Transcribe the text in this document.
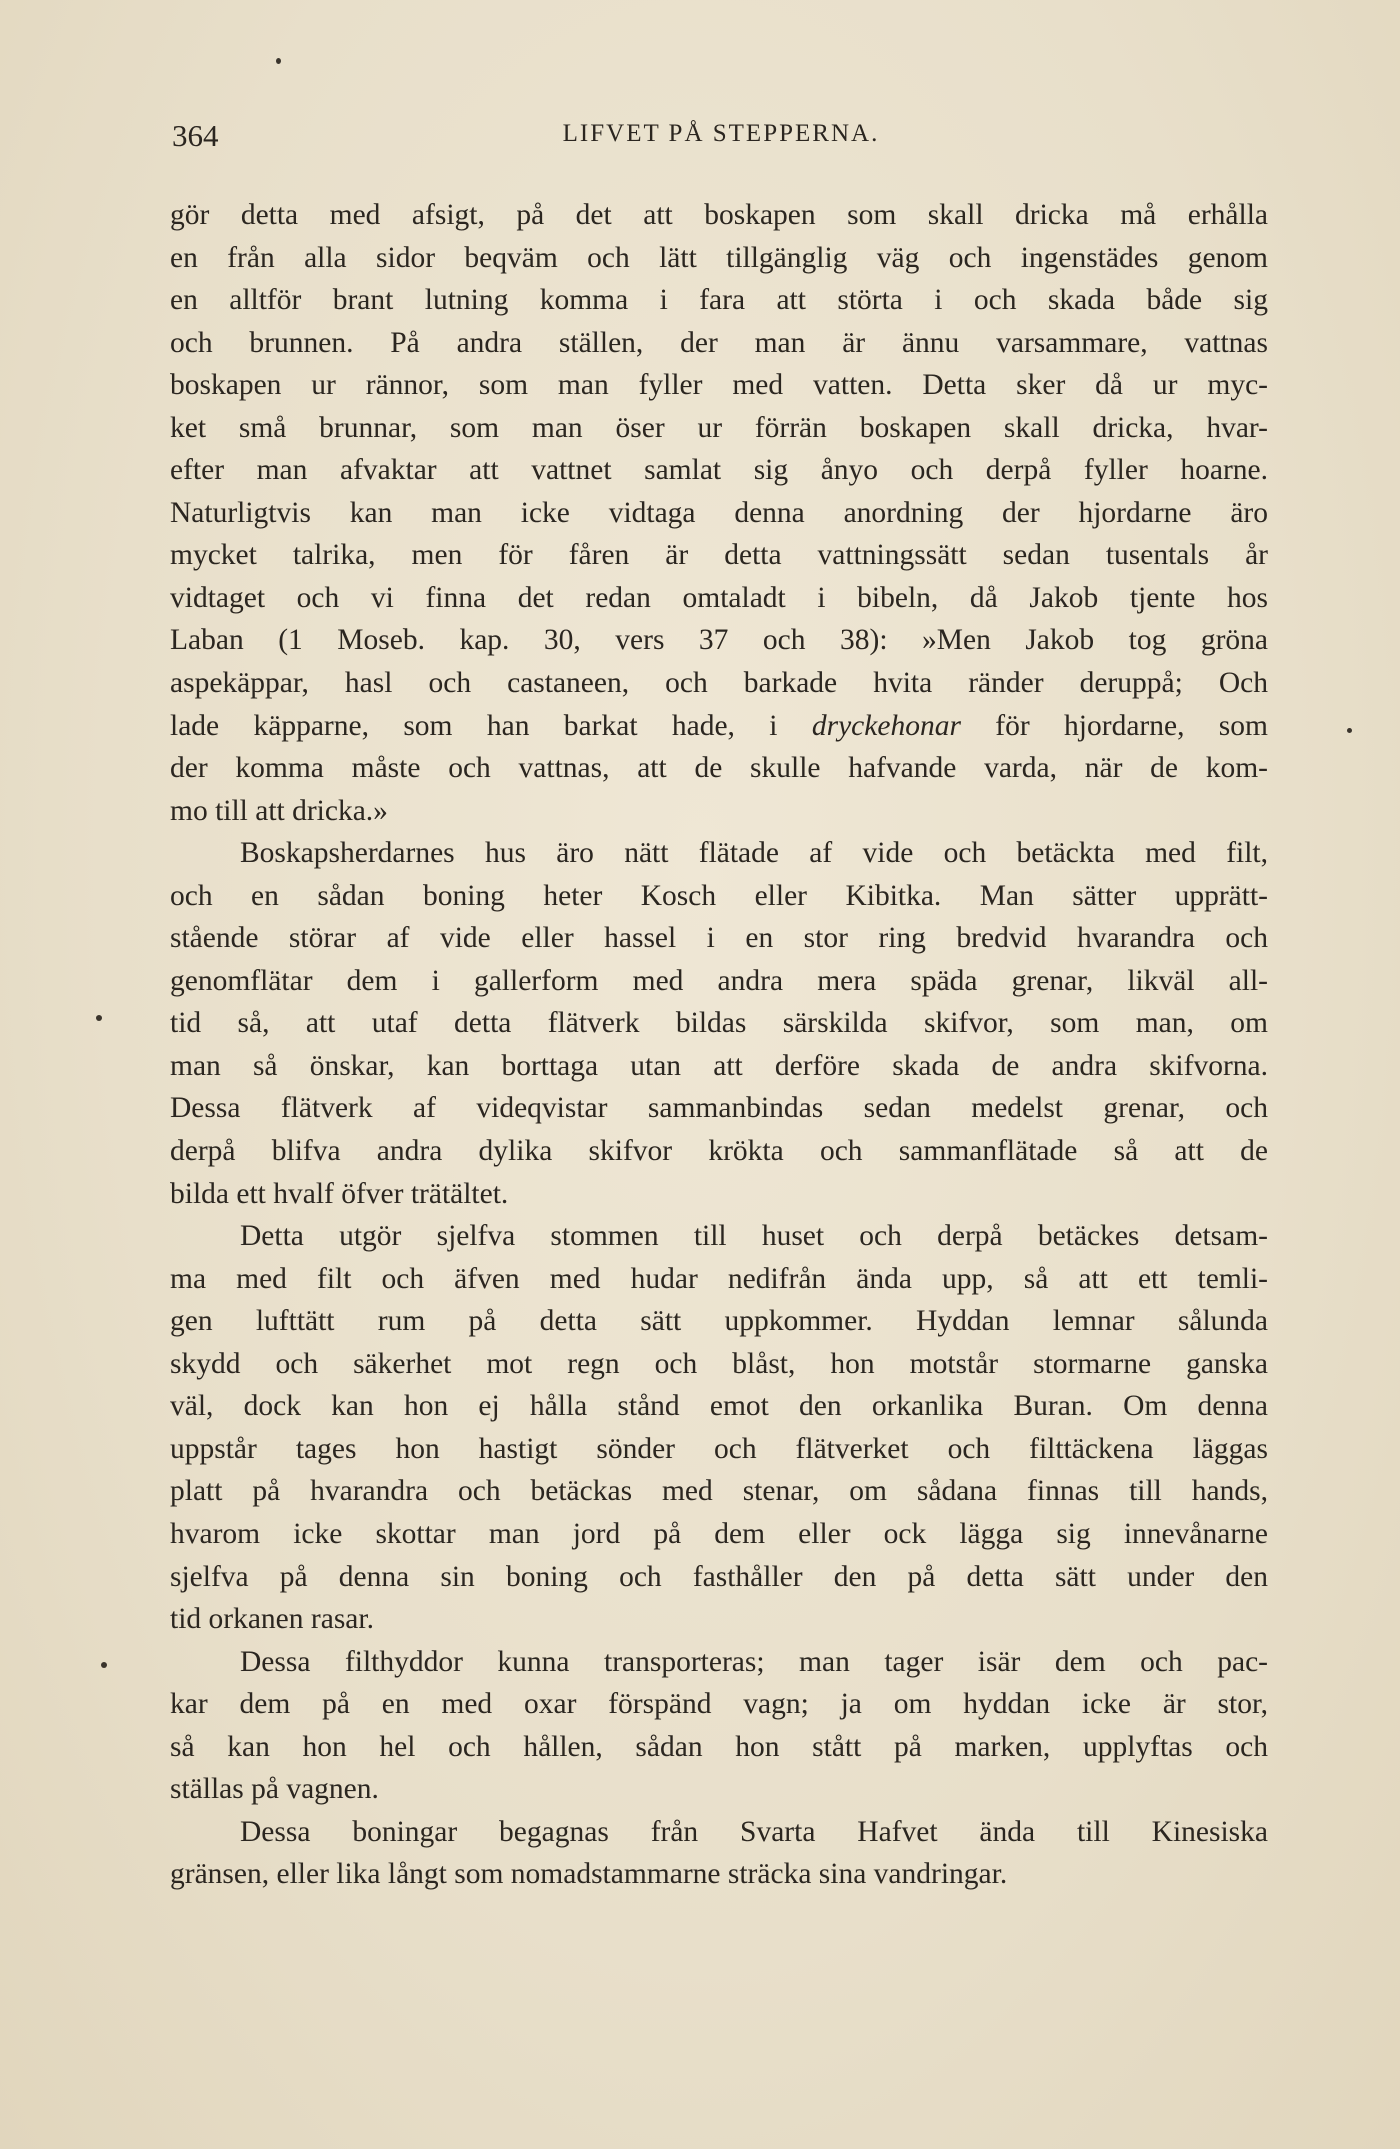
364	LIFVET PÅ STEPPERNA.
gör detta med afsigt, på det att boskapen som skall dricka må erhålla
en från alla sidor beqväm och lätt tillgänglig väg och ingenstädes genom
en alltför brant lutning komma i fara att störta i och skada både sig
och brunnen. På andra ställen, der man är ännu varsammare, vattnas
boskapen ur rännor, som man fyller med vatten. Detta sker då ur myc-
ket små brunnar, som man öser ur förrän boskapen skall dricka, hvar-
efter man afvaktar att vattnet samlat sig ånyo och derpå fyller hoarne.
Naturligtvis kan man icke vidtaga denna anordning der hjordarne äro
mycket talrika, men för fåren är detta vattningssätt sedan tusentals år
vidtaget och vi finna det redan omtaladt i bibeln, då Jakob tjente hos
Laban (1 Moseb. kap. 30, vers 37 och 38): »Men Jakob tog gröna
aspekäppar, hasl och castaneen, och barkade hvita ränder deruppå; Och
lade käpparne, som han barkat hade, i dryckehonar för hjordarne, som
der komma måste och vattnas, att de skulle hafvande varda, när de kom-
mo till att dricka.»
Boskapsherdarnes hus äro nätt flätade af vide och betäckta med filt,
och en sådan boning heter Kosch eller Kibitka. Man sätter upprätt-
stående störar af vide eller hassel i en stor ring bredvid hvarandra och
genomflätar dem i gallerform med andra mera späda grenar, likväl all-
tid så, att utaf detta flätverk bildas särskilda skifvor, som man, om
man så önskar, kan borttaga utan att derföre skada de andra skifvorna.
Dessa flätverk af videqvistar sammanbindas sedan medelst grenar, och
derpå blifva andra dylika skifvor krökta och sammanflätade så att de
bilda ett hvalf öfver trätältet.
Detta utgör sjelfva stommen till huset och derpå betäckes detsam-
ma med filt och äfven med hudar nedifrån ända upp, så att ett temli-
gen lufttätt rum på detta sätt uppkommer. Hyddan lemnar sålunda
skydd och säkerhet mot regn och blåst, hon motstår stormarne ganska
väl, dock kan hon ej hålla stånd emot den orkanlika Buran. Om denna
uppstår tages hon hastigt sönder och flätverket och filttäckena läggas
platt på hvarandra och betäckas med stenar, om sådana finnas till hands,
hvarom icke skottar man jord på dem eller ock lägga sig innevånarne
sjelfva på denna sin boning och fasthåller den på detta sätt under den
tid orkanen rasar.
Dessa filthyddor kunna transporteras; man tager isär dem och pac-
kar dem på en med oxar förspänd vagn; ja om hyddan icke är stor,
så kan hon hel och hållen, sådan hon stått på marken, upplyftas och
ställas på vagnen.
Dessa boningar begagnas från Svarta Hafvet ända till Kinesiska
gränsen, eller lika långt som nomadstammarne sträcka sina vandringar.
